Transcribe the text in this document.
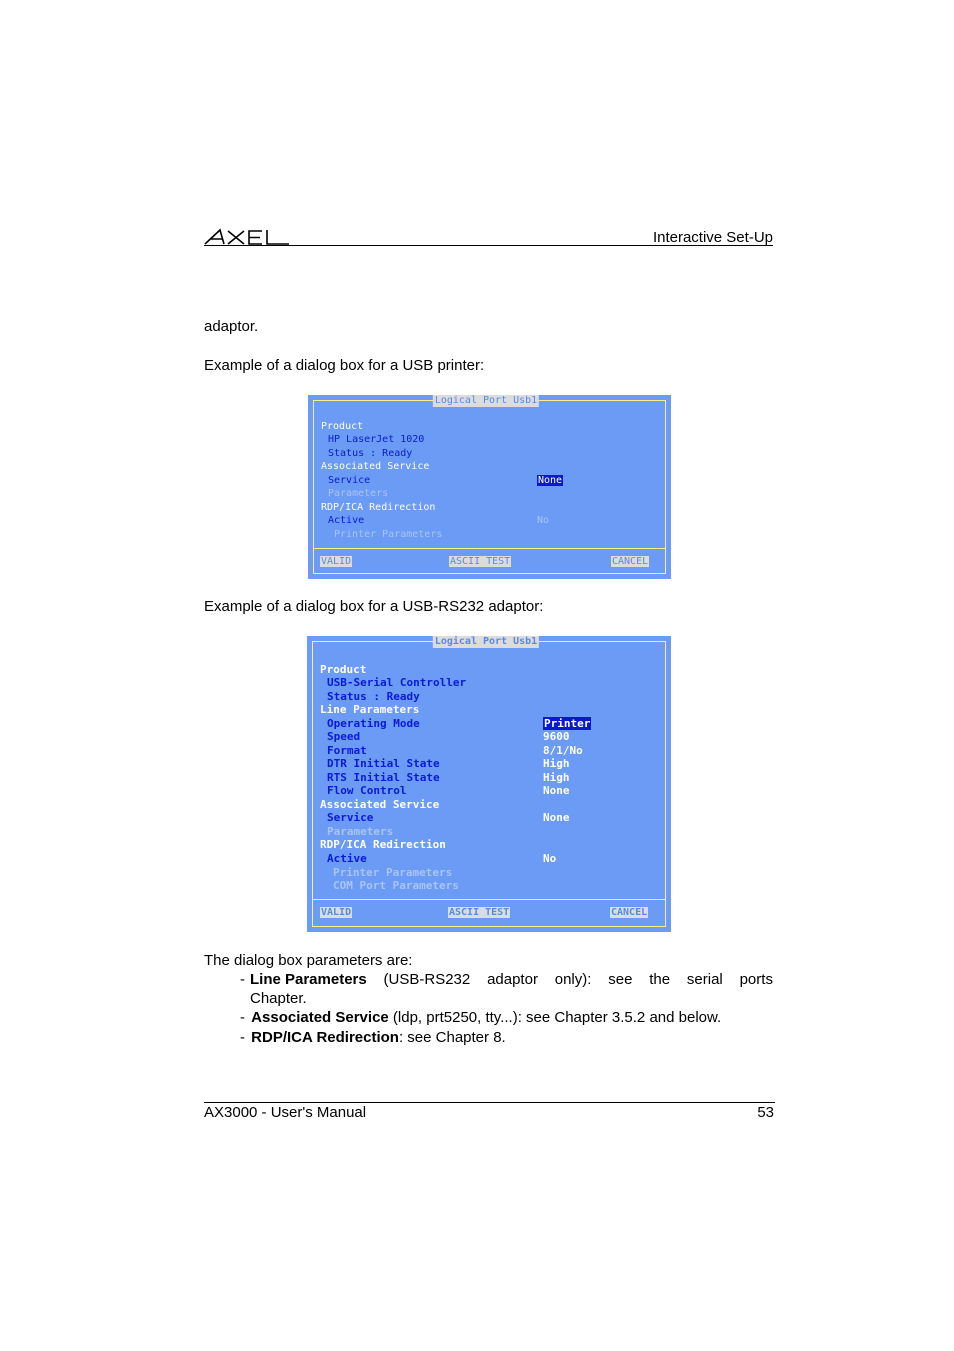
Interactive Set-Up
adaptor.
Example of a dialog box for a USB printer:
Logical Port Usb1
Product
HP LaserJet 1020
Status : Ready
Associated Service
Service	None
Parameters
RDP/ICA Redirection
Active	No
Printer Parameters
VALID	ASCII TEST	CANCEL
Example of a dialog box for a USB-RS232 adaptor:
Logical Port Usb1
Product
USB-Serial Controller
Status : Ready
Line Parameters
Operating Mode	Printer
Speed	9600
Format	8/1/No
DTR Initial State	High
RTS Initial State	High
Flow Control	None
Associated Service
Service	None
Parameters
RDP/ICA Redirection
Active	No
Printer Parameters
COM Port Parameters
VALID	ASCII TEST	CANCEL
The dialog box parameters are:
- Line Parameters (USB-RS232 adaptor only): see the serial ports
Chapter.
- Associated Service (ldp, prt5250, tty...): see Chapter 3.5.2 and below.
- RDP/ICA Redirection: see Chapter 8.
AX3000 - User's Manual	53
